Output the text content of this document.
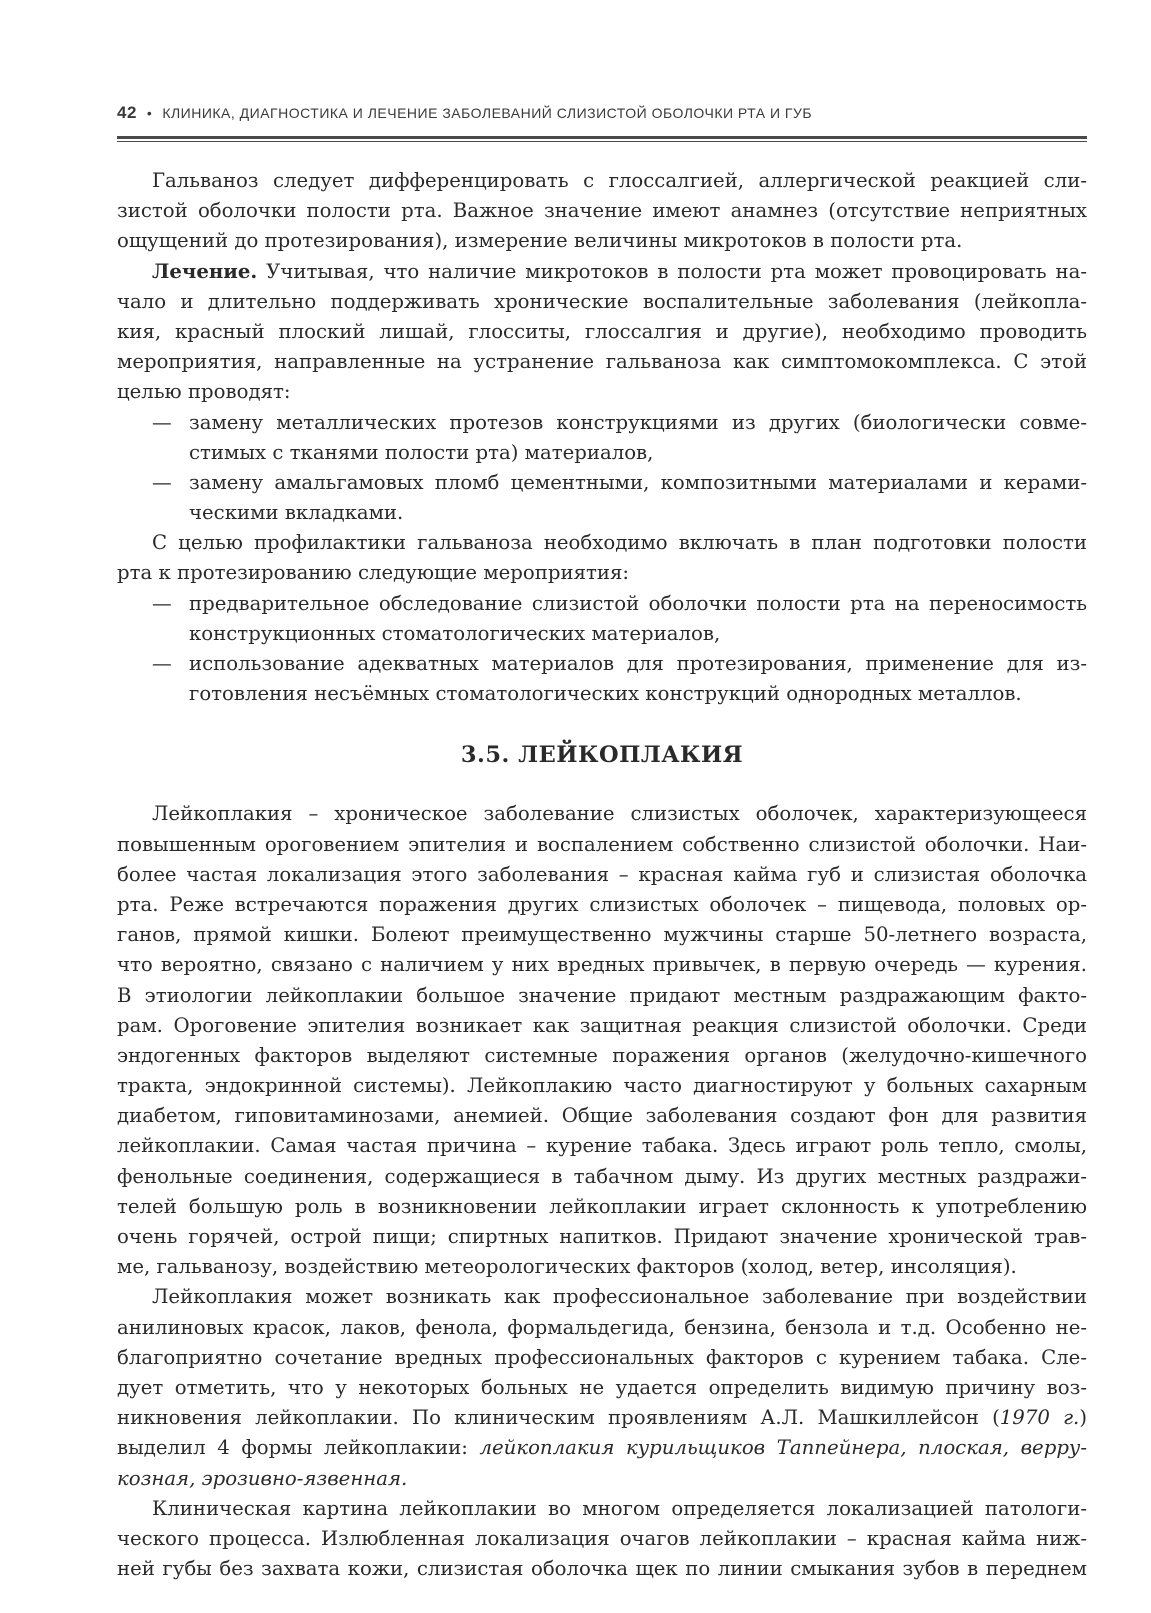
42 • КЛИНИКА, ДИАГНОСТИКА И ЛЕЧЕНИЕ ЗАБОЛЕВАНИЙ СЛИЗИСТОЙ ОБОЛОЧКИ РТА И ГУБ
Гальваноз следует дифференцировать с глоссалгией, аллергической реакцией сли-
зистой оболочки полости рта. Важное значение имеют анамнез (отсутствие неприятных
ощущений до протезирования), измерение величины микротоков в полости рта.
Лечение. Учитывая, что наличие микротоков в полости рта может провоцировать на-
чало и длительно поддерживать хронические воспалительные заболевания (лейкопла-
кия, красный плоский лишай, глосситы, глоссалгия и другие), необходимо проводить
мероприятия, направленные на устранение гальваноза как симптомокомплекса. С этой
целью проводят:
— замену металлических протезов конструкциями из других (биологически совме-
стимых с тканями полости рта) материалов,
— замену амальгамовых пломб цементными, композитными материалами и керами-
ческими вкладками.
С целью профилактики гальваноза необходимо включать в план подготовки полости
рта к протезированию следующие мероприятия:
— предварительное обследование слизистой оболочки полости рта на переносимость
конструкционных стоматологических материалов,
— использование адекватных материалов для протезирования, применение для из-
готовления несъёмных стоматологических конструкций однородных металлов.
3.5. ЛЕЙКОПЛАКИЯ
Лейкоплакия – хроническое заболевание слизистых оболочек, характеризующееся
повышенным ороговением эпителия и воспалением собственно слизистой оболочки. Наи-
более частая локализация этого заболевания – красная кайма губ и слизистая оболочка
рта. Реже встречаются поражения других слизистых оболочек – пищевода, половых ор-
ганов, прямой кишки. Болеют преимущественно мужчины старше 50-летнего возраста,
что вероятно, связано с наличием у них вредных привычек, в первую очередь — курения.
В этиологии лейкоплакии большое значение придают местным раздражающим факто-
рам. Ороговение эпителия возникает как защитная реакция слизистой оболочки. Среди
эндогенных факторов выделяют системные поражения органов (желудочно-кишечного
тракта, эндокринной системы). Лейкоплакию часто диагностируют у больных сахарным
диабетом, гиповитаминозами, анемией. Общие заболевания создают фон для развития
лейкоплакии. Самая частая причина – курение табака. Здесь играют роль тепло, смолы,
фенольные соединения, содержащиеся в табачном дыму. Из других местных раздражи-
телей большую роль в возникновении лейкоплакии играет склонность к употреблению
очень горячей, острой пищи; спиртных напитков. Придают значение хронической трав-
ме, гальванозу, воздействию метеорологических факторов (холод, ветер, инсоляция).
Лейкоплакия может возникать как профессиональное заболевание при воздействии
анилиновых красок, лаков, фенола, формальдегида, бензина, бензола и т.д. Особенно не-
благоприятно сочетание вредных профессиональных факторов с курением табака. Сле-
дует отметить, что у некоторых больных не удается определить видимую причину воз-
никновения лейкоплакии. По клиническим проявлениям А.Л. Машкиллейсон (1970 г.)
выделил 4 формы лейкоплакии: лейкоплакия курильщиков Таппейнера, плоская, верру-
козная, эрозивно-язвенная.
Клиническая картина лейкоплакии во многом определяется локализацией патологи-
ческого процесса. Излюбленная локализация очагов лейкоплакии – красная кайма ниж-
ней губы без захвата кожи, слизистая оболочка щек по линии смыкания зубов в переднем
